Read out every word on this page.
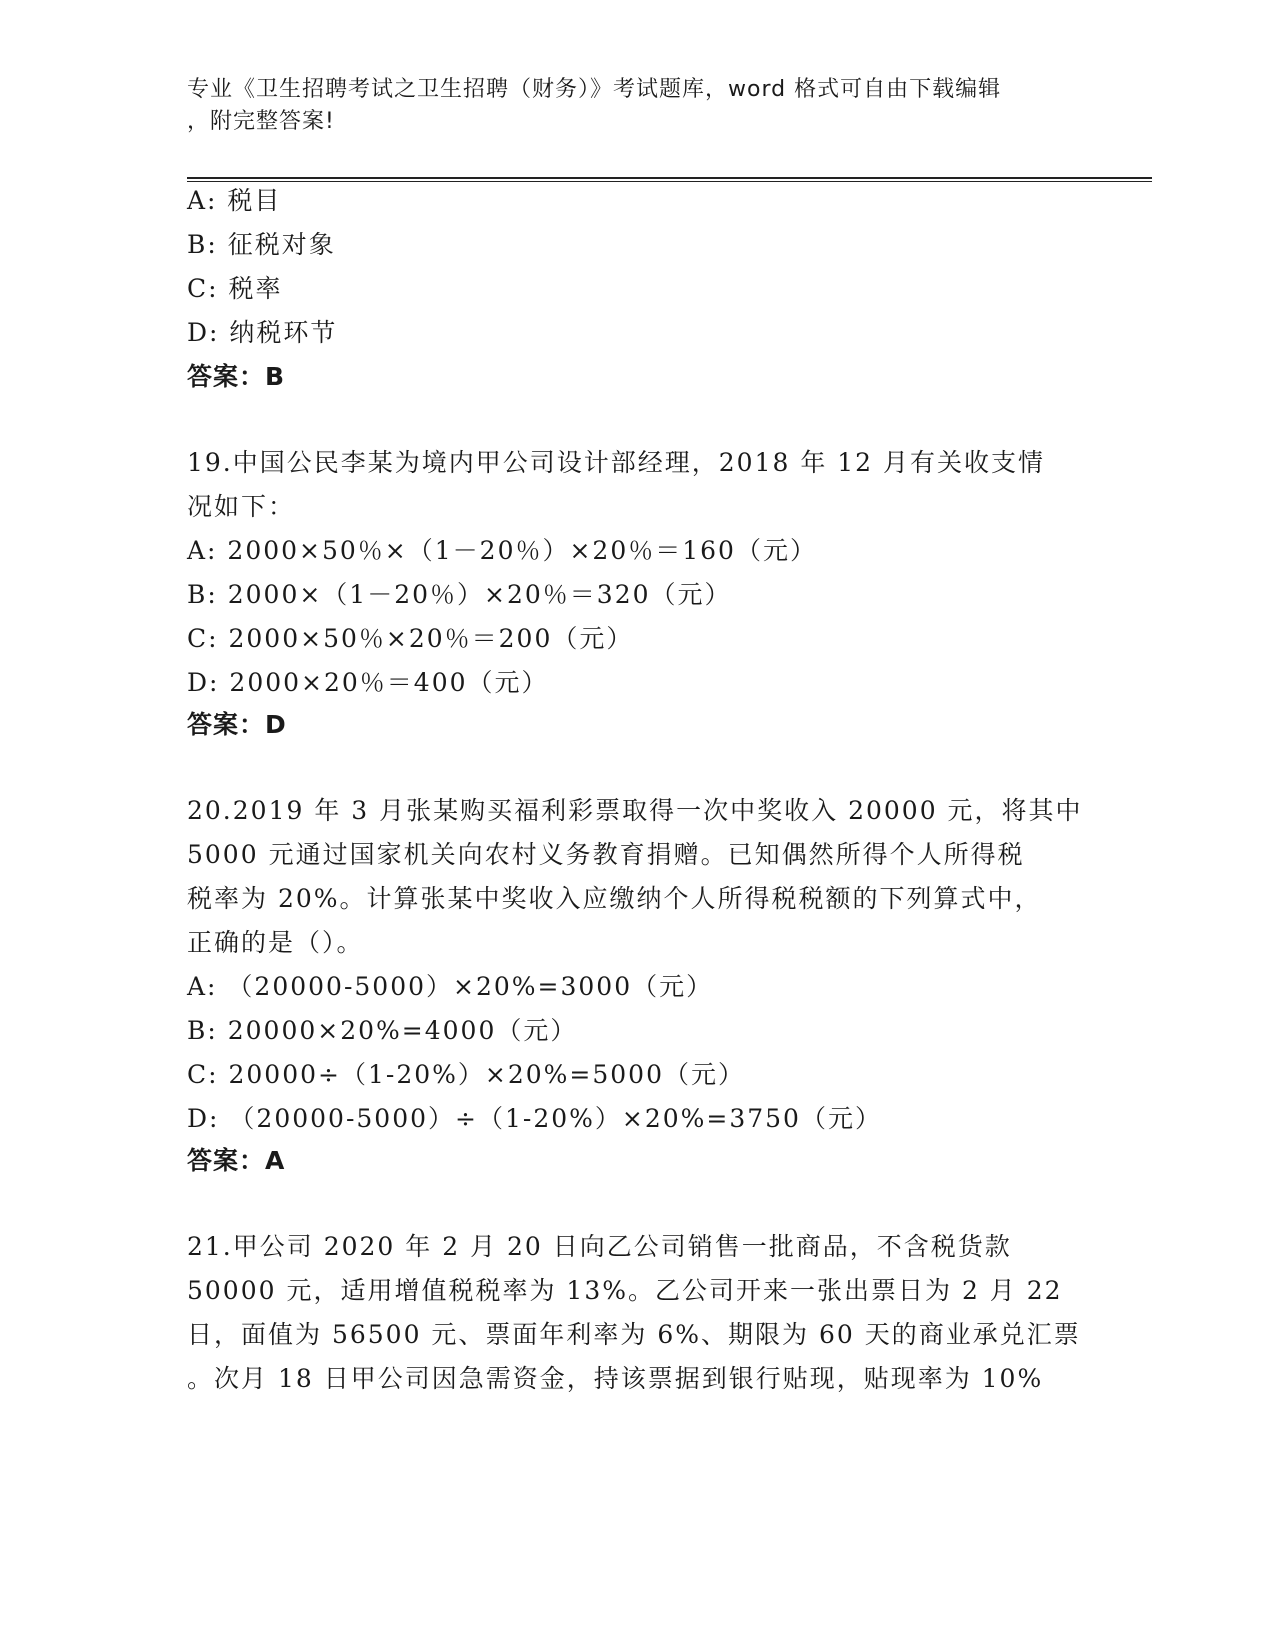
专业《卫生招聘考试之卫生招聘（财务）》考试题库，word 格式可自由下载编辑
，附完整答案!
A: 税目
B: 征税对象
C: 税率
D: 纳税环节
答案：B
19.中国公民李某为境内甲公司设计部经理，2018 年 12 月有关收支情
况如下：
A: 2000×50％×（1－20％）×20％＝160（元）
B: 2000×（1－20％）×20％＝320（元）
C: 2000×50％×20％＝200（元）
D: 2000×20％＝400（元）
答案：D
20.2019 年 3 月张某购买福利彩票取得一次中奖收入 20000 元，将其中
5000 元通过国家机关向农村义务教育捐赠。已知偶然所得个人所得税
税率为 20%。计算张某中奖收入应缴纳个人所得税税额的下列算式中，
正确的是（）。
A: （20000-5000）×20%=3000（元）
B: 20000×20%=4000（元）
C: 20000÷（1-20%）×20%=5000（元）
D: （20000-5000）÷（1-20%）×20%=3750（元）
答案：A
21.甲公司 2020 年 2 月 20 日向乙公司销售一批商品，不含税货款
50000 元，适用增值税税率为 13%。乙公司开来一张出票日为 2 月 22
日，面值为 56500 元、票面年利率为 6%、期限为 60 天的商业承兑汇票
。次月 18 日甲公司因急需资金，持该票据到银行贴现，贴现率为 10%
